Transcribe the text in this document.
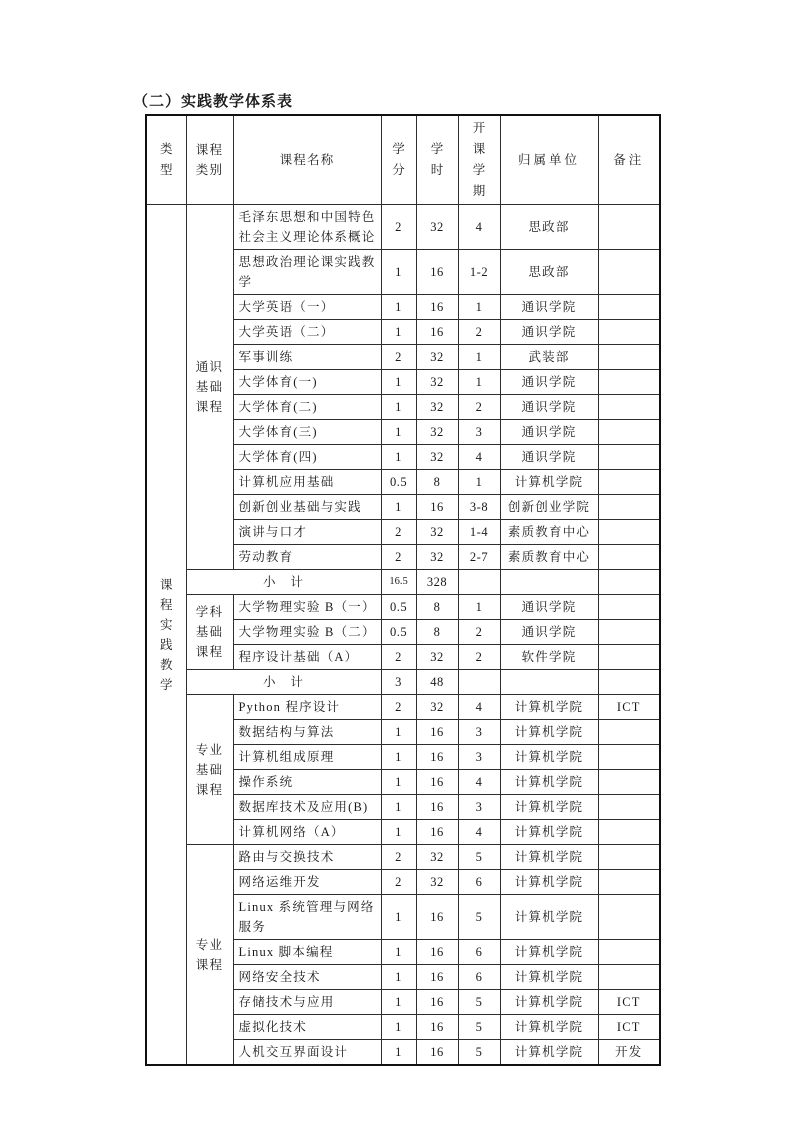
（二）实践教学体系表
类型	课程类别	课程名称	学分	学时	开课学期	归属单位	备注
课程实践教学	通识基础课程	毛泽东思想和中国特色社会主义理论体系概论	2	32	4	思政部	
		思想政治理论课实践教学	1	16	1-2	思政部	
		大学英语（一）	1	16	1	通识学院	
		大学英语（二）	1	16	2	通识学院	
		军事训练	2	32	1	武装部	
		大学体育(一)	1	32	1	通识学院	
		大学体育(二)	1	32	2	通识学院	
		大学体育(三)	1	32	3	通识学院	
		大学体育(四)	1	32	4	通识学院	
		计算机应用基础	0.5	8	1	计算机学院	
		创新创业基础与实践	1	16	3-8	创新创业学院	
		演讲与口才	2	32	1-4	素质教育中心	
		劳动教育	2	32	2-7	素质教育中心	
	小　计		16.5	328			
	学科基础课程	大学物理实验 B（一）	0.5	8	1	通识学院	
		大学物理实验 B（二）	0.5	8	2	通识学院	
		程序设计基础（A）	2	32	2	软件学院	
	小　计		3	48			
	专业基础课程	Python 程序设计	2	32	4	计算机学院	ICT
		数据结构与算法	1	16	3	计算机学院	
		计算机组成原理	1	16	3	计算机学院	
		操作系统	1	16	4	计算机学院	
		数据库技术及应用(B)	1	16	3	计算机学院	
		计算机网络（A）	1	16	4	计算机学院	
	专业课程	路由与交换技术	2	32	5	计算机学院	
		网络运维开发	2	32	6	计算机学院	
		Linux 系统管理与网络服务	1	16	5	计算机学院	
		Linux 脚本编程	1	16	6	计算机学院	
		网络安全技术	1	16	6	计算机学院	
		存储技术与应用	1	16	5	计算机学院	ICT
		虚拟化技术	1	16	5	计算机学院	ICT
		人机交互界面设计	1	16	5	计算机学院	开发
